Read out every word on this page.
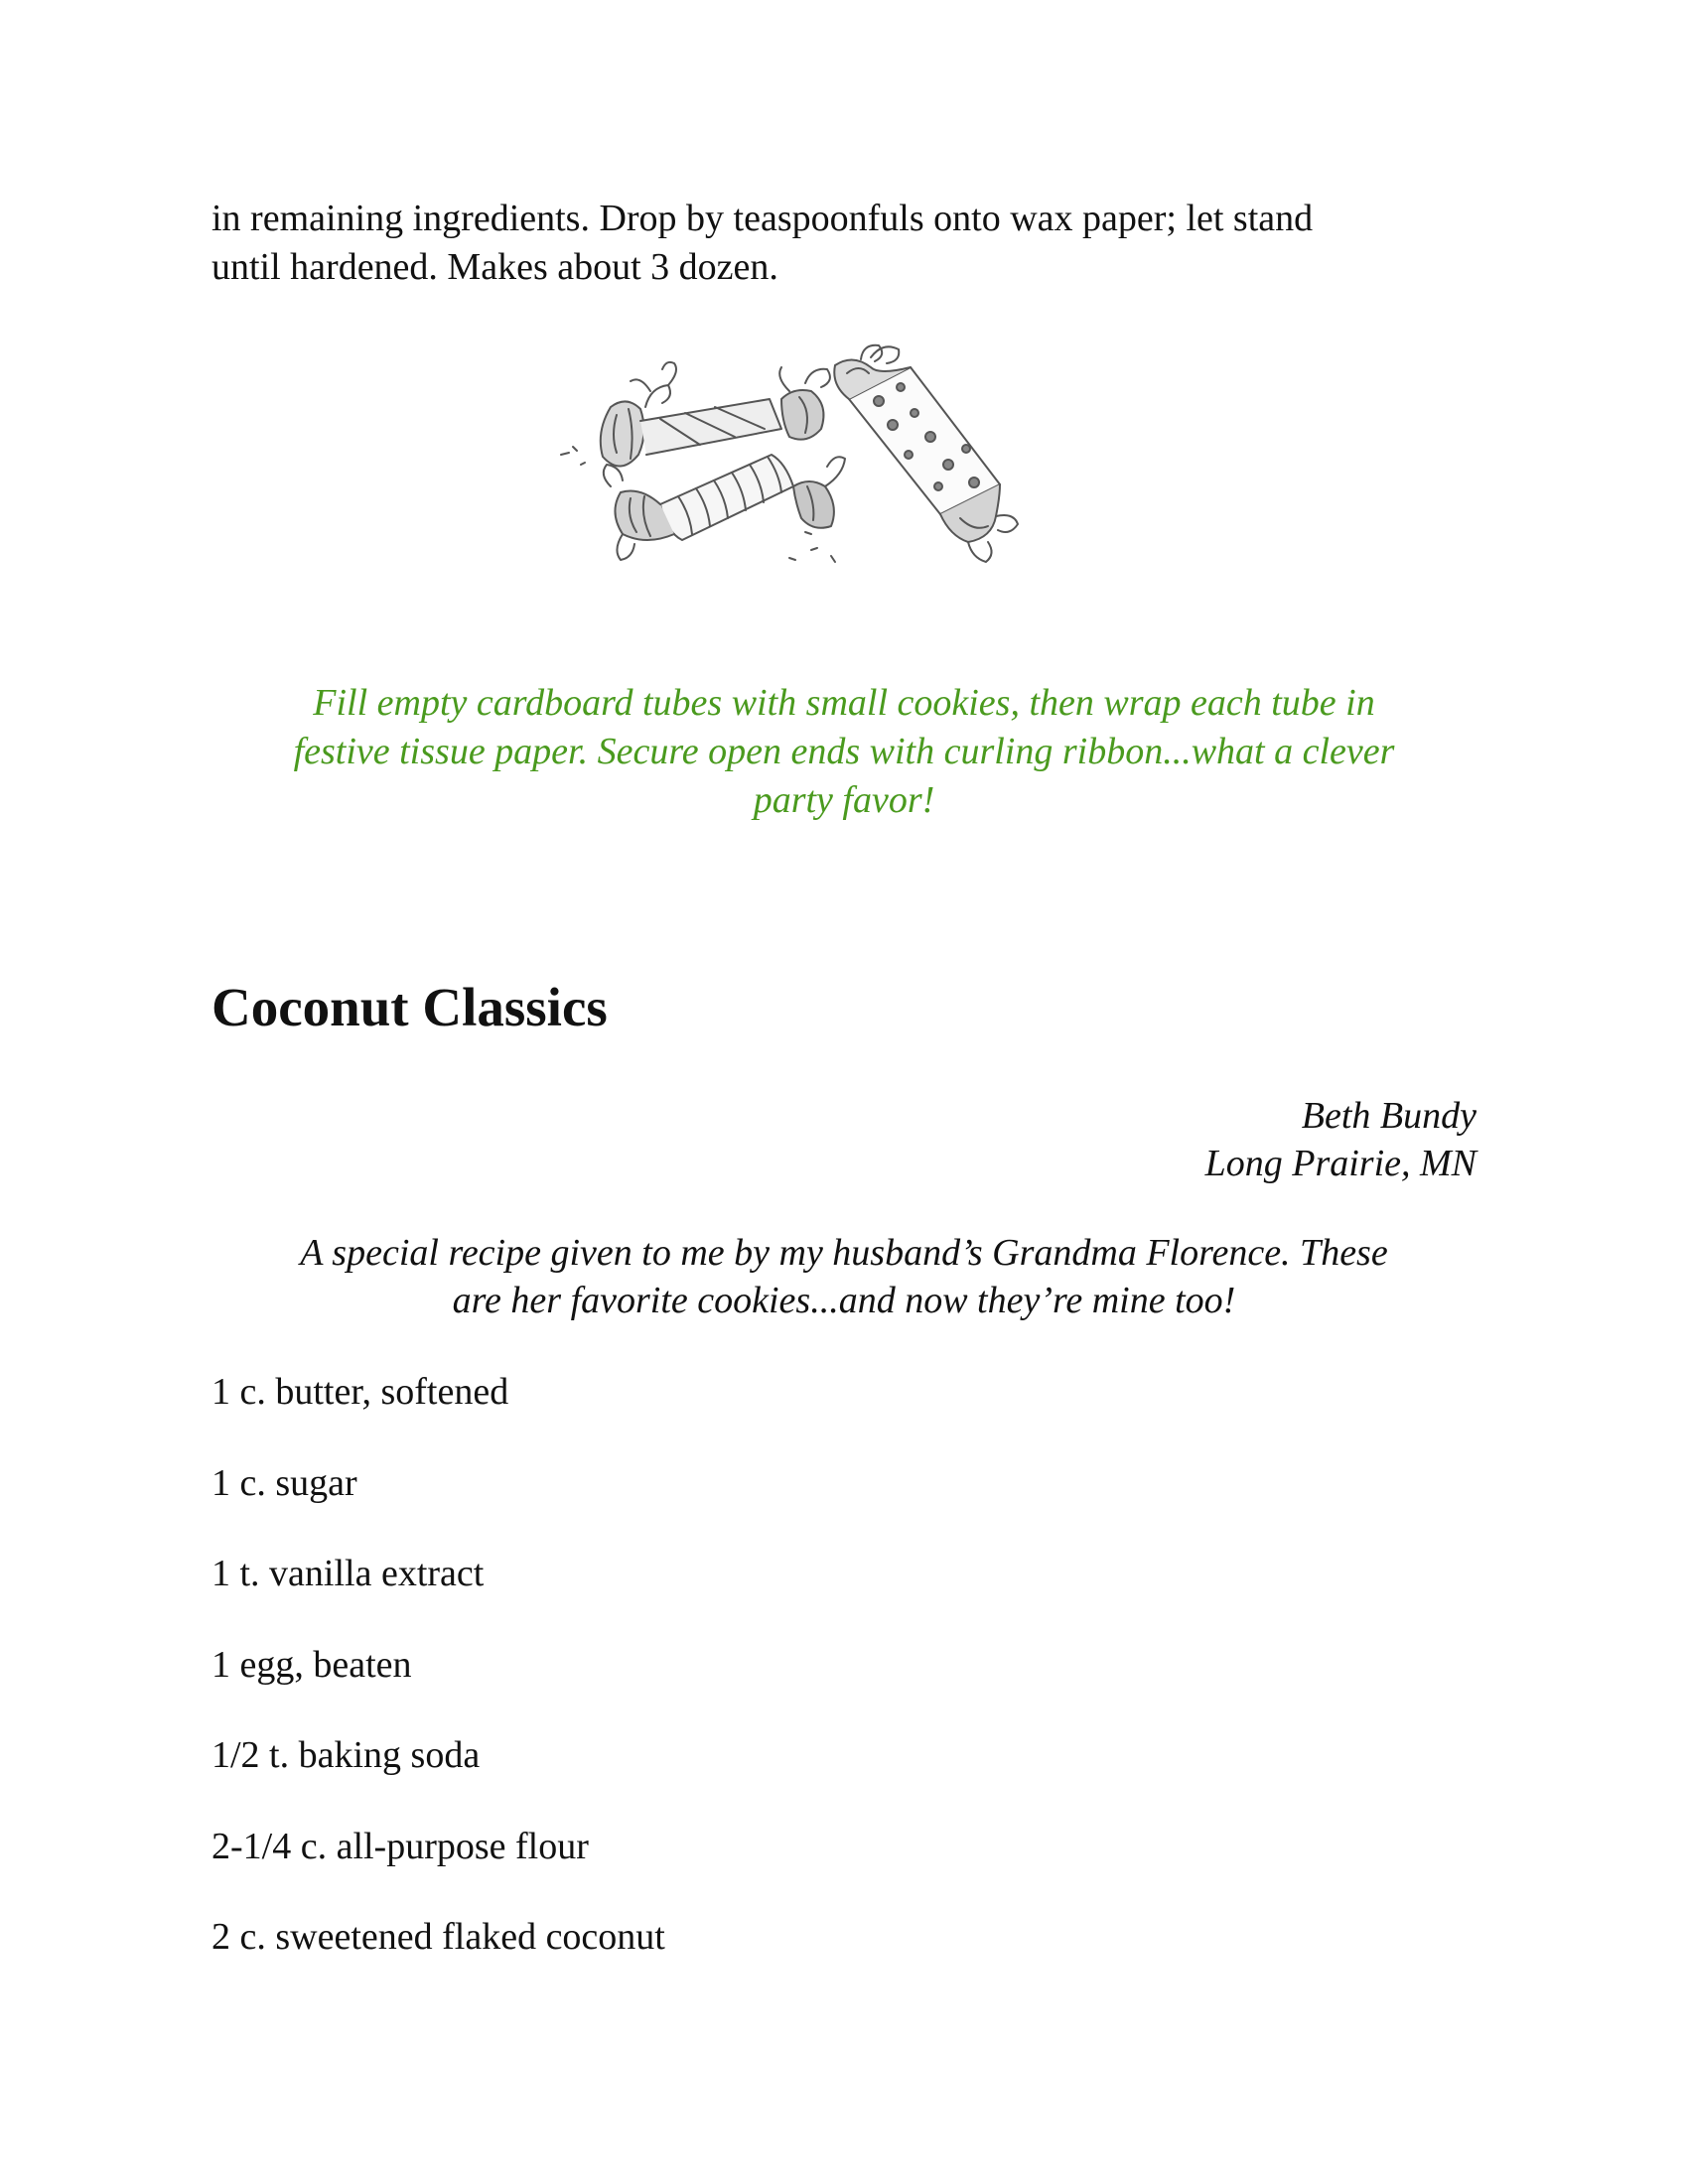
in remaining ingredients. Drop by teaspoonfuls onto wax paper; let stand

until hardened. Makes about 3 dozen.

Fill empty cardboard tubes with small cookies, then wrap each tube in
festive tissue paper. Secure open ends with curling ribbon...what a clever
party favor!
Coconut Classics
Beth Bundy
Long Prairie, MN
A special recipe given to me by my husband’s Grandma Florence. These
are her favorite cookies...and now they’re mine too!
1 c. butter, softened
1 c. sugar
1 t. vanilla extract
1 egg, beaten
1/2 t. baking soda
2-1/4 c. all-purpose flour
2 c. sweetened flaked coconut
